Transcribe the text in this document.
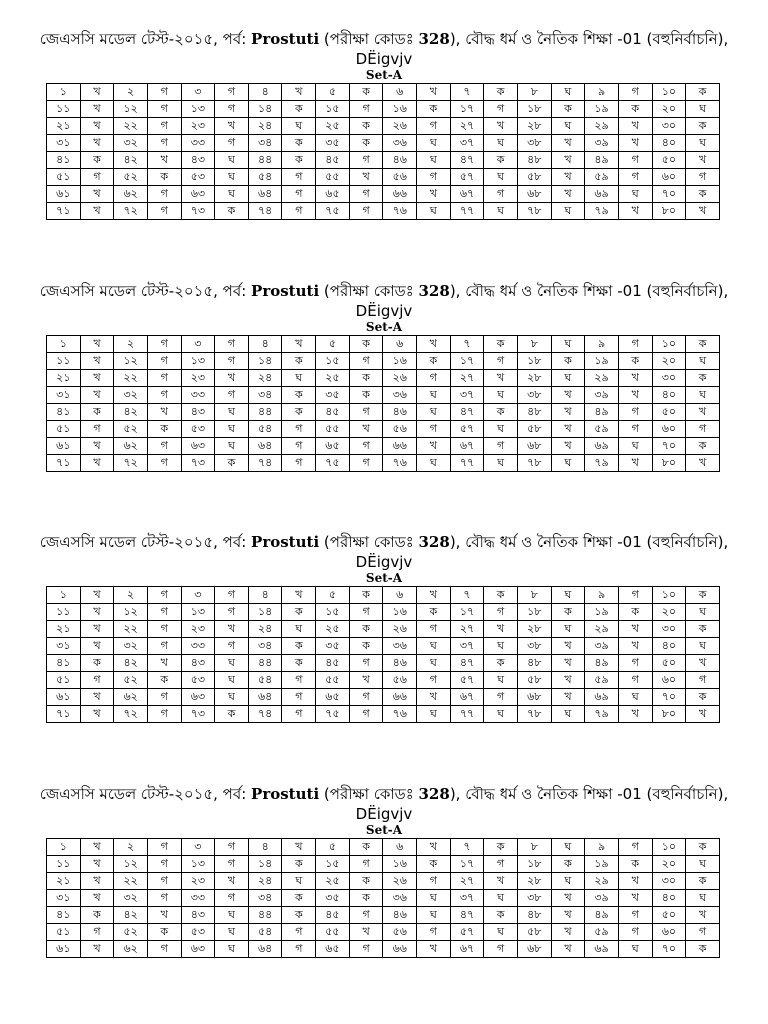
জেএসসি মডেল টেস্ট-২০১৫, পর্ব: Prostuti (পরীক্ষা কোডঃ 328), বৌদ্ধ ধর্ম ও নৈতিক শিক্ষা -01 (বহুনির্বাচনি),
DËigvjv
Set-A
১	খ	২	গ	৩	গ	৪	খ	৫	ক	৬	খ	৭	ক	৮	ঘ	৯	গ	১০	ক
১১	খ	১২	গ	১৩	গ	১৪	ক	১৫	গ	১৬	ক	১৭	গ	১৮	ক	১৯	ক	২০	ঘ
২১	খ	২২	গ	২৩	খ	২৪	ঘ	২৫	ক	২৬	গ	২৭	খ	২৮	ঘ	২৯	খ	৩০	ক
৩১	খ	৩২	গ	৩৩	গ	৩৪	ক	৩৫	ক	৩৬	ঘ	৩৭	ঘ	৩৮	খ	৩৯	খ	৪০	ঘ
৪১	ক	৪২	খ	৪৩	ঘ	৪৪	ক	৪৫	গ	৪৬	ঘ	৪৭	ক	৪৮	খ	৪৯	গ	৫০	খ
৫১	গ	৫২	ক	৫৩	ঘ	৫৪	গ	৫৫	খ	৫৬	গ	৫৭	ঘ	৫৮	খ	৫৯	গ	৬০	গ
৬১	খ	৬২	গ	৬৩	ঘ	৬৪	গ	৬৫	গ	৬৬	খ	৬৭	গ	৬৮	খ	৬৯	ঘ	৭০	ক
৭১	খ	৭২	গ	৭৩	ক	৭৪	গ	৭৫	গ	৭৬	ঘ	৭৭	ঘ	৭৮	ঘ	৭৯	খ	৮০	খ
জেএসসি মডেল টেস্ট-২০১৫, পর্ব: Prostuti (পরীক্ষা কোডঃ 328), বৌদ্ধ ধর্ম ও নৈতিক শিক্ষা -01 (বহুনির্বাচনি),
DËigvjv
Set-A
১	খ	২	গ	৩	গ	৪	খ	৫	ক	৬	খ	৭	ক	৮	ঘ	৯	গ	১০	ক
১১	খ	১২	গ	১৩	গ	১৪	ক	১৫	গ	১৬	ক	১৭	গ	১৮	ক	১৯	ক	২০	ঘ
২১	খ	২২	গ	২৩	খ	২৪	ঘ	২৫	ক	২৬	গ	২৭	খ	২৮	ঘ	২৯	খ	৩০	ক
৩১	খ	৩২	গ	৩৩	গ	৩৪	ক	৩৫	ক	৩৬	ঘ	৩৭	ঘ	৩৮	খ	৩৯	খ	৪০	ঘ
৪১	ক	৪২	খ	৪৩	ঘ	৪৪	ক	৪৫	গ	৪৬	ঘ	৪৭	ক	৪৮	খ	৪৯	গ	৫০	খ
৫১	গ	৫২	ক	৫৩	ঘ	৫৪	গ	৫৫	খ	৫৬	গ	৫৭	ঘ	৫৮	খ	৫৯	গ	৬০	গ
৬১	খ	৬২	গ	৬৩	ঘ	৬৪	গ	৬৫	গ	৬৬	খ	৬৭	গ	৬৮	খ	৬৯	ঘ	৭০	ক
৭১	খ	৭২	গ	৭৩	ক	৭৪	গ	৭৫	গ	৭৬	ঘ	৭৭	ঘ	৭৮	ঘ	৭৯	খ	৮০	খ
জেএসসি মডেল টেস্ট-২০১৫, পর্ব: Prostuti (পরীক্ষা কোডঃ 328), বৌদ্ধ ধর্ম ও নৈতিক শিক্ষা -01 (বহুনির্বাচনি),
DËigvjv
Set-A
১	খ	২	গ	৩	গ	৪	খ	৫	ক	৬	খ	৭	ক	৮	ঘ	৯	গ	১০	ক
১১	খ	১২	গ	১৩	গ	১৪	ক	১৫	গ	১৬	ক	১৭	গ	১৮	ক	১৯	ক	২০	ঘ
২১	খ	২২	গ	২৩	খ	২৪	ঘ	২৫	ক	২৬	গ	২৭	খ	২৮	ঘ	২৯	খ	৩০	ক
৩১	খ	৩২	গ	৩৩	গ	৩৪	ক	৩৫	ক	৩৬	ঘ	৩৭	ঘ	৩৮	খ	৩৯	খ	৪০	ঘ
৪১	ক	৪২	খ	৪৩	ঘ	৪৪	ক	৪৫	গ	৪৬	ঘ	৪৭	ক	৪৮	খ	৪৯	গ	৫০	খ
৫১	গ	৫২	ক	৫৩	ঘ	৫৪	গ	৫৫	খ	৫৬	গ	৫৭	ঘ	৫৮	খ	৫৯	গ	৬০	গ
৬১	খ	৬২	গ	৬৩	ঘ	৬৪	গ	৬৫	গ	৬৬	খ	৬৭	গ	৬৮	খ	৬৯	ঘ	৭০	ক
৭১	খ	৭২	গ	৭৩	ক	৭৪	গ	৭৫	গ	৭৬	ঘ	৭৭	ঘ	৭৮	ঘ	৭৯	খ	৮০	খ
জেএসসি মডেল টেস্ট-২০১৫, পর্ব: Prostuti (পরীক্ষা কোডঃ 328), বৌদ্ধ ধর্ম ও নৈতিক শিক্ষা -01 (বহুনির্বাচনি),
DËigvjv
Set-A
১	খ	২	গ	৩	গ	৪	খ	৫	ক	৬	খ	৭	ক	৮	ঘ	৯	গ	১০	ক
১১	খ	১২	গ	১৩	গ	১৪	ক	১৫	গ	১৬	ক	১৭	গ	১৮	ক	১৯	ক	২০	ঘ
২১	খ	২২	গ	২৩	খ	২৪	ঘ	২৫	ক	২৬	গ	২৭	খ	২৮	ঘ	২৯	খ	৩০	ক
৩১	খ	৩২	গ	৩৩	গ	৩৪	ক	৩৫	ক	৩৬	ঘ	৩৭	ঘ	৩৮	খ	৩৯	খ	৪০	ঘ
৪১	ক	৪২	খ	৪৩	ঘ	৪৪	ক	৪৫	গ	৪৬	ঘ	৪৭	ক	৪৮	খ	৪৯	গ	৫০	খ
৫১	গ	৫২	ক	৫৩	ঘ	৫৪	গ	৫৫	খ	৫৬	গ	৫৭	ঘ	৫৮	খ	৫৯	গ	৬০	গ
৬১	খ	৬২	গ	৬৩	ঘ	৬৪	গ	৬৫	গ	৬৬	খ	৬৭	গ	৬৮	খ	৬৯	ঘ	৭০	ক
